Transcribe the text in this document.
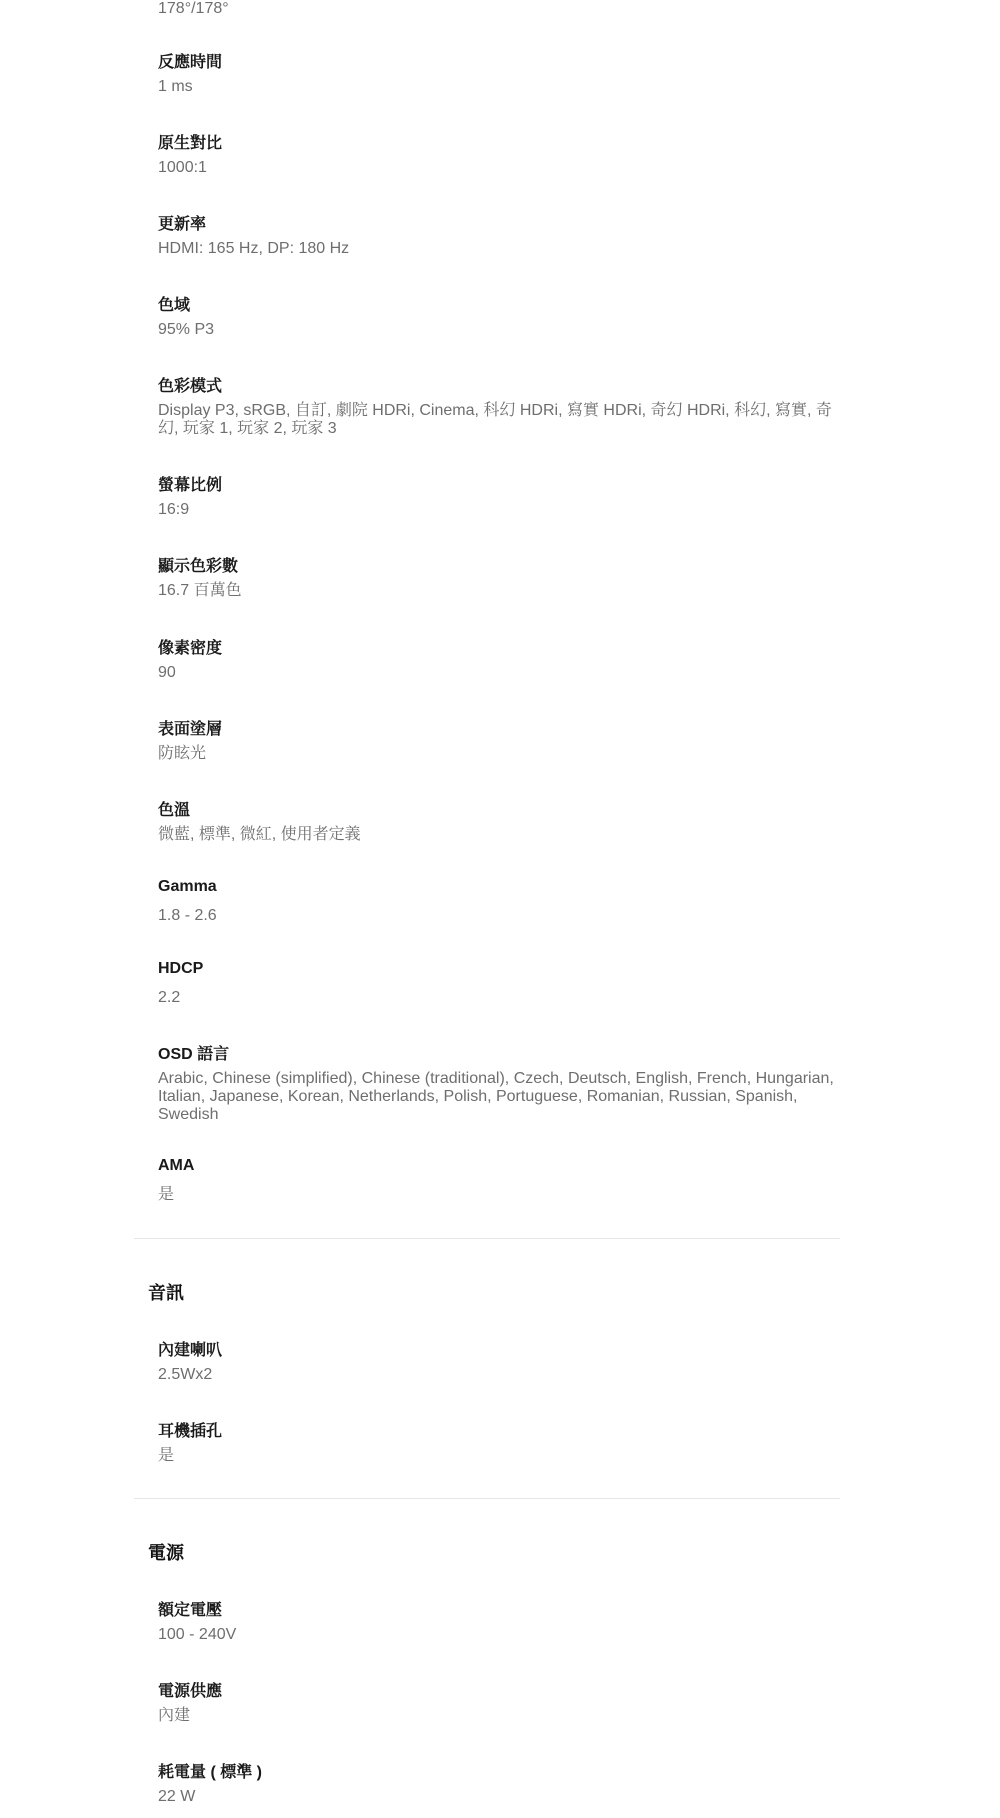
178°/178°
反應時間
1 ms
原生對比
1000:1
更新率
HDMI: 165 Hz, DP: 180 Hz
色域
95% P3
色彩模式
Display P3, sRGB, 自訂, 劇院 HDRi, Cinema, 科幻 HDRi, 寫實 HDRi, 奇幻 HDRi, 科幻, 寫實, 奇幻, 玩家 1, 玩家 2, 玩家 3
螢幕比例
16:9
顯示色彩數
16.7 百萬色
像素密度
90
表面塗層
防眩光
色溫
微藍, 標準, 微紅, 使用者定義
Gamma
1.8 - 2.6
HDCP
2.2
OSD 語言
Arabic, Chinese (simplified), Chinese (traditional), Czech, Deutsch, English, French, Hungarian, Italian, Japanese, Korean, Netherlands, Polish, Portuguese, Romanian, Russian, Spanish, Swedish
AMA
是
音訊
內建喇叭
2.5Wx2
耳機插孔
是
電源
額定電壓
100 - 240V
電源供應
內建
耗電量 ( 標準 )
22 W
